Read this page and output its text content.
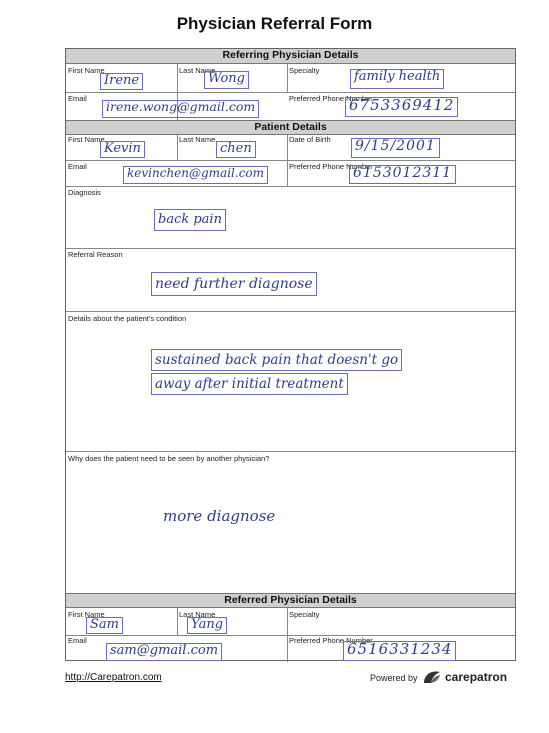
Physician Referral Form
Referring Physician Details
First Name	Last Name	Specialty
Irene	Wong	family health
Email	Preferred Phone Number
irene.wong@gmail.com	6753369412
Patient Details
First Name	Last Name	Date of Birth
Kevin	chen	9/15/2001
Email	Preferred Phone Number
kevinchen@gmail.com	6153012311
Diagnosis
back pain
Referral Reason
need further diagnose
Details about the patient's condition
sustained back pain that doesn't go
away after initial treatment
Why does the patient need to be seen by another physician?
more diagnose
Referred Physician Details
First Name	Last Name	Specialty
Sam	Yang
Email	Preferred Phone Number
sam@gmail.com	6516331234
http://Carepatron.com	Powered by carepatron
